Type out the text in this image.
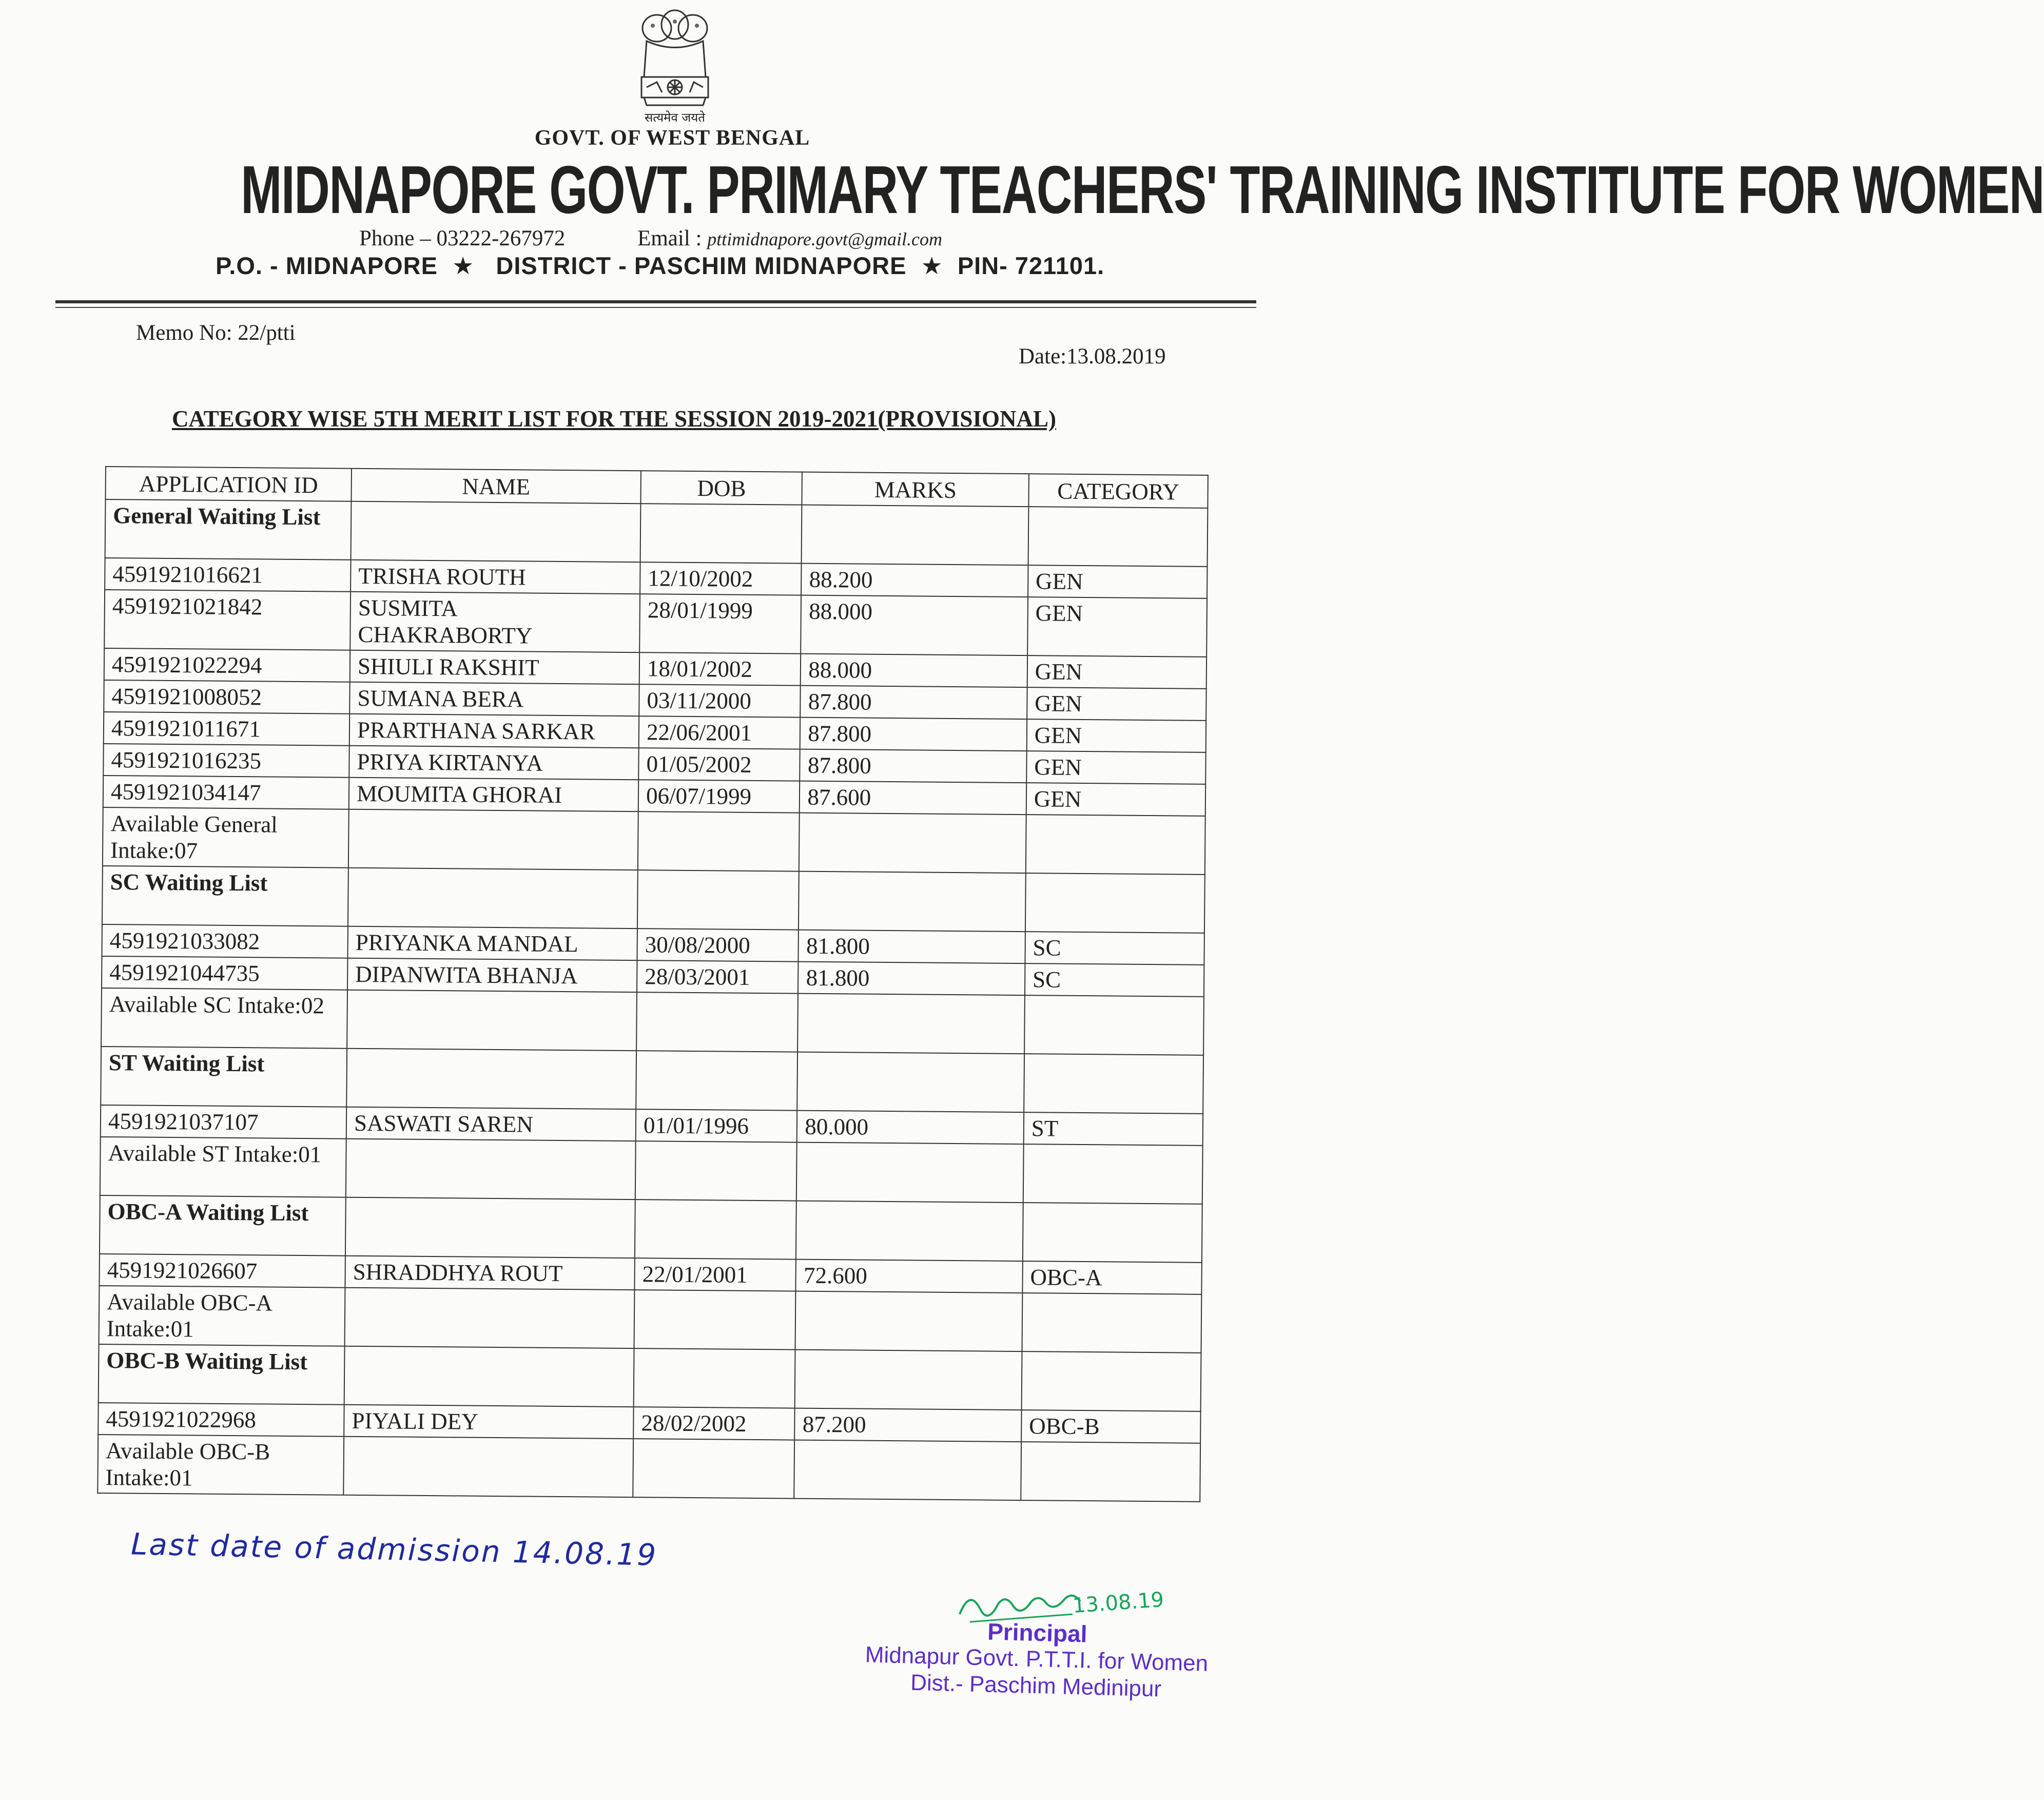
सत्यमेव जयते
GOVT. OF WEST BENGAL
MIDNAPORE GOVT. PRIMARY TEACHERS' TRAINING INSTITUTE FOR WOMEN
Phone – 03222-267972	Email : pttimidnapore.govt@gmail.com
P.O. - MIDNAPORE  ★   DISTRICT - PASCHIM MIDNAPORE  ★  PIN- 721101.
Memo No: 22/ptti
Date:13.08.2019
CATEGORY WISE 5TH MERIT LIST FOR THE SESSION 2019-2021(PROVISIONAL)
APPLICATION ID	NAME	DOB	MARKS	CATEGORY
General Waiting List				
4591921016621	TRISHA ROUTH	12/10/2002	88.200	GEN
4591921021842	SUSMITA CHAKRABORTY	28/01/1999	88.000	GEN
4591921022294	SHIULI RAKSHIT	18/01/2002	88.000	GEN
4591921008052	SUMANA BERA	03/11/2000	87.800	GEN
4591921011671	PRARTHANA SARKAR	22/06/2001	87.800	GEN
4591921016235	PRIYA KIRTANYA	01/05/2002	87.800	GEN
4591921034147	MOUMITA GHORAI	06/07/1999	87.600	GEN
Available General Intake:07				
SC Waiting List				
4591921033082	PRIYANKA MANDAL	30/08/2000	81.800	SC
4591921044735	DIPANWITA BHANJA	28/03/2001	81.800	SC
Available SC Intake:02				
ST Waiting List				
4591921037107	SASWATI SAREN	01/01/1996	80.000	ST
Available ST Intake:01				
OBC-A Waiting List				
4591921026607	SHRADDHYA ROUT	22/01/2001	72.600	OBC-A
Available OBC-A Intake:01				
OBC-B Waiting List				
4591921022968	PIYALI DEY	28/02/2002	87.200	OBC-B
Available OBC-B Intake:01				
Last date of admission 14.08.19
13.08.19
Principal
Midnapur Govt. P.T.T.I. for Women
Dist.- Paschim Medinipur
